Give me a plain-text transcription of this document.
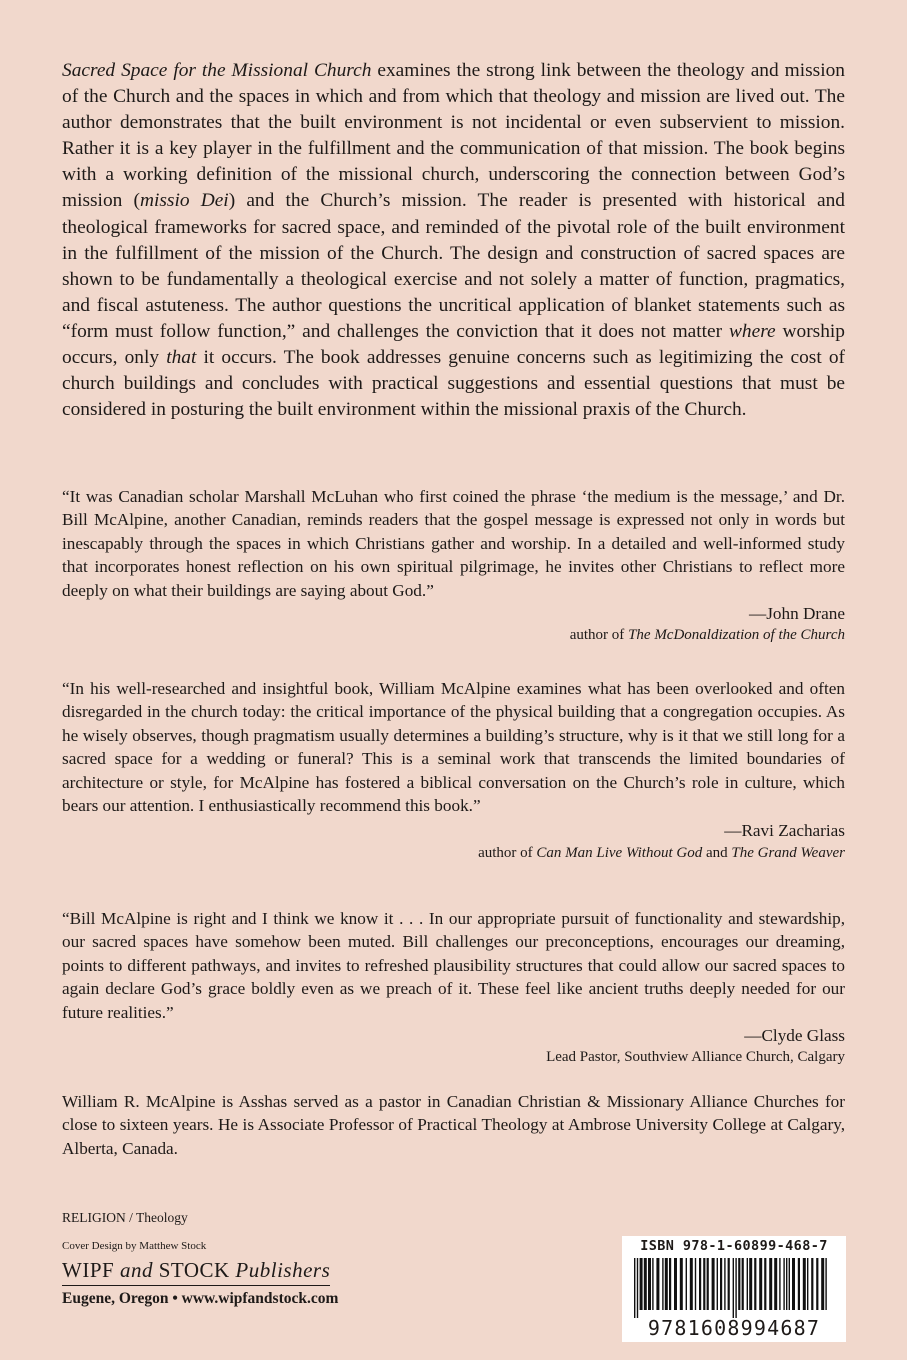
Sacred Space for the Missional Church examines the strong link between the theology and mission of the Church and the spaces in which and from which that theology and mission are lived out. The author demonstrates that the built environment is not incidental or even subservient to mission. Rather it is a key player in the fulfillment and the communication of that mission. The book begins with a working definition of the missional church, underscoring the connection between God’s mission (missio Dei) and the Church’s mission. The reader is presented with historical and theological frameworks for sacred space, and reminded of the pivotal role of the built environment in the fulfillment of the mission of the Church. The design and construction of sacred spaces are shown to be fundamentally a theological exercise and not solely a matter of function, pragmatics, and fiscal astuteness. The author questions the uncritical application of blanket statements such as “form must follow function,” and challenges the conviction that it does not matter where worship occurs, only that it occurs. The book addresses genuine concerns such as legitimizing the cost of church buildings and concludes with practical suggestions and essential questions that must be considered in posturing the built environment within the missional praxis of the Church.

“It was Canadian scholar Marshall McLuhan who first coined the phrase ‘the medium is the message,’ and Dr. Bill McAlpine, another Canadian, reminds readers that the gospel message is expressed not only in words but inescapably through the spaces in which Christians gather and worship. In a detailed and well-informed study that incorporates honest reflection on his own spiritual pilgrimage, he invites other Christians to reflect more deeply on what their buildings are saying about God.”

—John Drane

author of The McDonaldization of the Church

“In his well-researched and insightful book, William McAlpine examines what has been overlooked and often disregarded in the church today: the critical importance of the physical building that a congregation occupies. As he wisely observes, though pragmatism usually determines a building’s structure, why is it that we still long for a sacred space for a wedding or funeral? This is a seminal work that transcends the limited boundaries of architecture or style, for McAlpine has fostered a biblical conversation on the Church’s role in culture, which bears our attention. I enthusiastically recommend this book.”

—Ravi Zacharias

author of Can Man Live Without God and The Grand Weaver

“Bill McAlpine is right and I think we know it . . . In our appropriate pursuit of functionality and stewardship, our sacred spaces have somehow been muted. Bill challenges our preconceptions, encourages our dreaming, points to different pathways, and invites to refreshed plausibility structures that could allow our sacred spaces to again declare God’s grace boldly even as we preach of it. These feel like ancient truths deeply needed for our future realities.”

—Clyde Glass

Lead Pastor, Southview Alliance Church, Calgary

William R. McAlpine is Asshas served as a pastor in Canadian Christian & Missionary Alliance Churches for close to sixteen years. He is Associate Professor of Practical Theology at Ambrose University College at Calgary, Alberta, Canada.

RELIGION / Theology

Cover Design by Matthew Stock

WIPF and STOCK Publishers

Eugene, Oregon • www.wipfandstock.com

ISBN 978-1-60899-468-7
9781608994687
